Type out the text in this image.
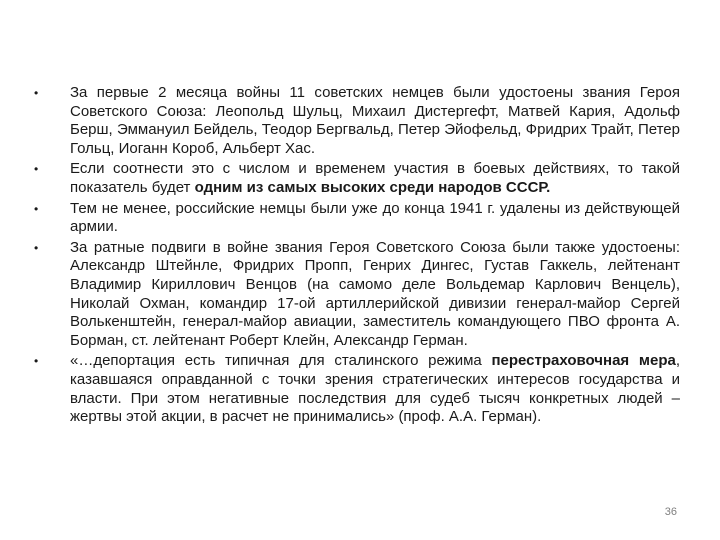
•	За первые 2 месяца войны 11 советских немцев были удостоены звания Героя Советского Союза: Леопольд Шульц, Михаил Дистергефт, Матвей Кария, Адольф Берш, Эммануил Бейдель, Теодор Бергвальд, Петер Эйофельд, Фридрих Трайт, Петер Гольц, Иоганн Короб, Альберт Хас.
•	Если соотнести это с числом и временем участия в боевых действиях, то такой показатель будет одним из самых высоких среди народов СССР.
•	Тем не менее, российские немцы были уже до конца 1941 г. удалены из действующей армии.
•	За ратные подвиги в войне звания Героя Советского Союза были также удостоены: Александр Штейнле, Фридрих Пропп, Генрих Дингес, Густав Гаккель, лейтенант Владимир Кириллович Венцов (на самомо деле Вольдемар Карлович Венцель), Николай Охман, командир 17-ой артиллерийской дивизии генерал-майор Сергей Волькенштейн, генерал-майор авиации, заместитель командующего ПВО фронта А. Борман, ст. лейтенант Роберт Клейн, Александр Герман.
•	«…депортация есть типичная для сталинского режима перестраховочная мера, казавшаяся оправданной с точки зрения стратегических интересов государства и власти. При этом негативные последствия для судеб тысяч конкретных людей – жертвы этой акции, в расчет не принимались» (проф. А.А. Герман).
36
